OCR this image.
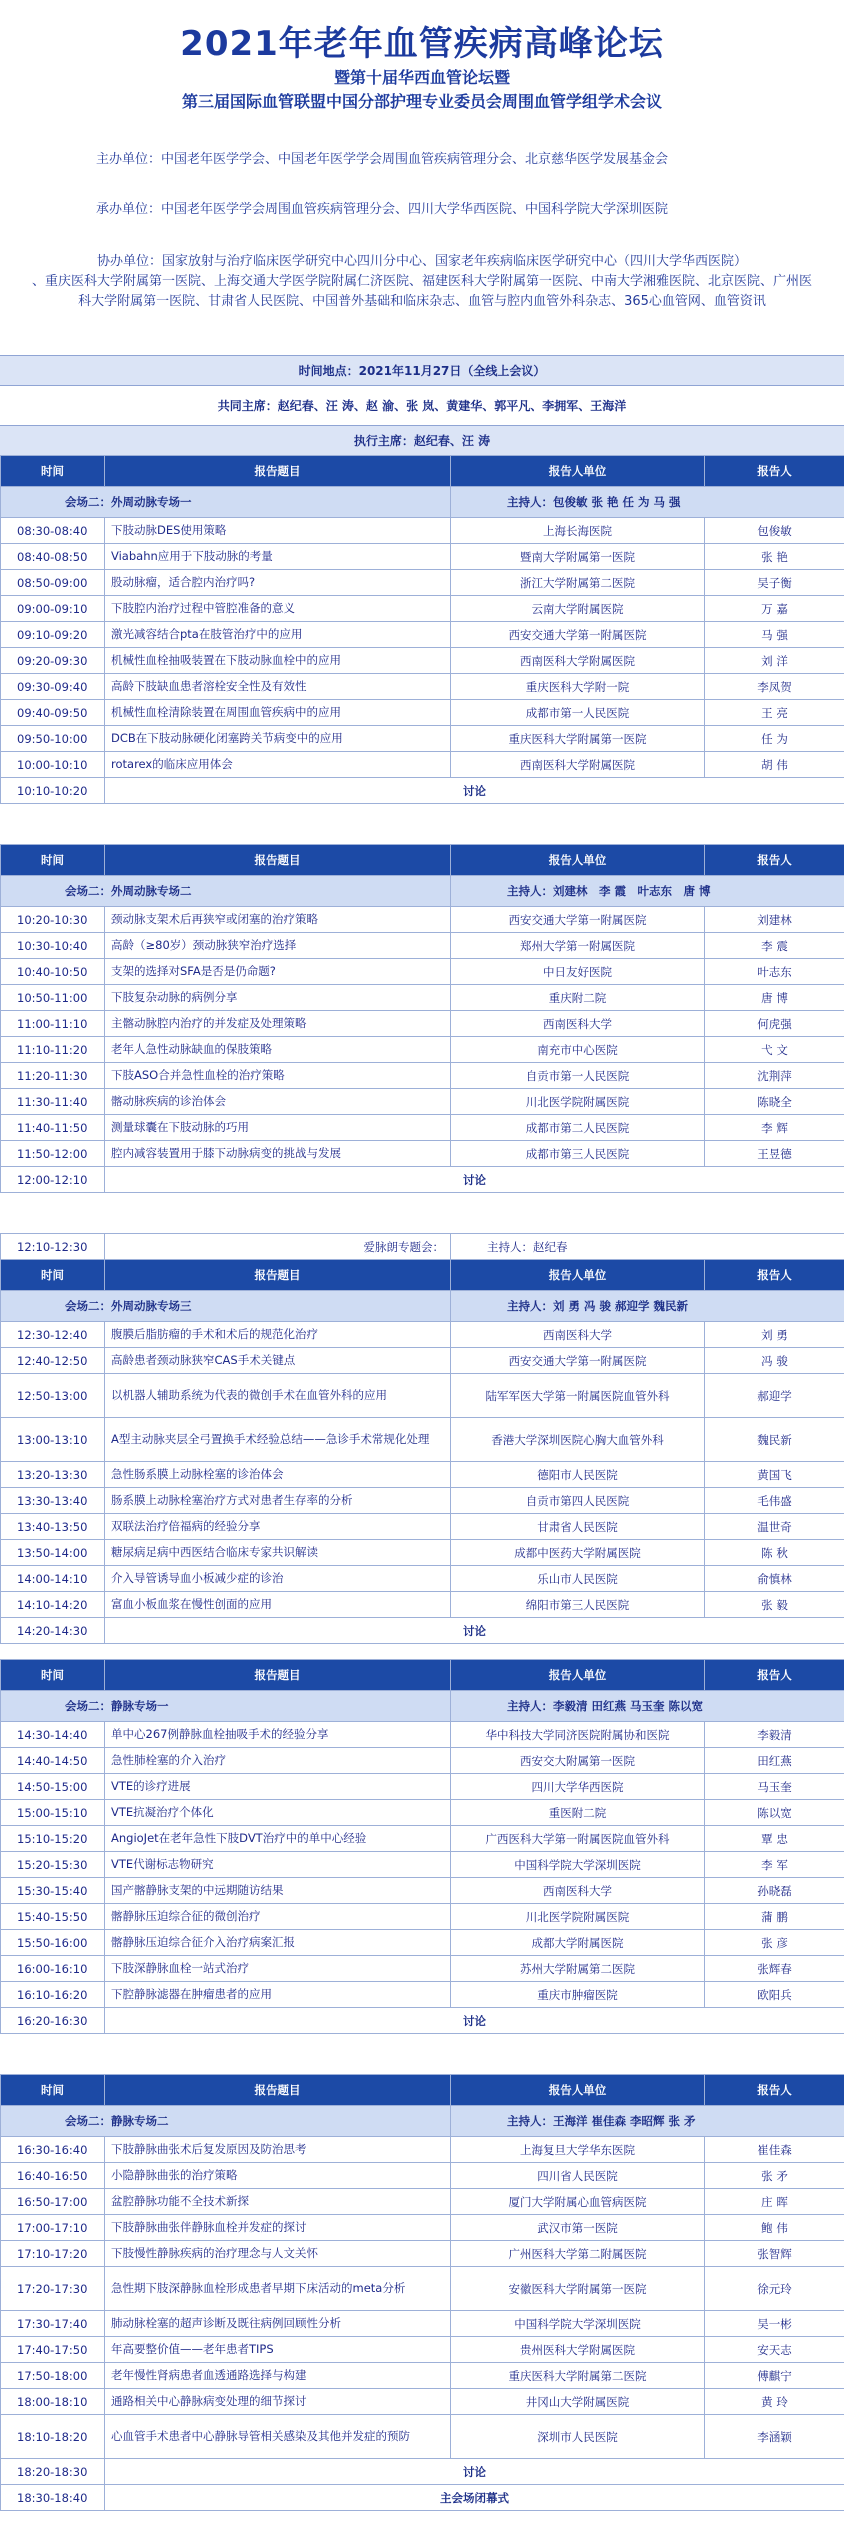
2021年老年血管疾病高峰论坛
暨第十届华西血管论坛暨
第三届国际血管联盟中国分部护理专业委员会周围血管学组学术会议
主办单位：中国老年医学学会、中国老年医学学会周围血管疾病管理分会、北京慈华医学发展基金会
承办单位：中国老年医学学会周围血管疾病管理分会、四川大学华西医院、中国科学院大学深圳医院
协办单位：国家放射与治疗临床医学研究中心四川分中心、国家老年疾病临床医学研究中心（四川大学华西医院）
、重庆医科大学附属第一医院、上海交通大学医学院附属仁济医院、福建医科大学附属第一医院、中南大学湘雅医院、北京医院、广州医科大学附属第一医院、甘肃省人民医院、中国普外基础和临床杂志、血管与腔内血管外科杂志、365心血管网、血管资讯
时间地点：2021年11月27日（全线上会议）
共同主席：赵纪春、汪 涛、赵 渝、张 岚、黄建华、郭平凡、李拥军、王海洋
执行主席：赵纪春、汪 涛
时间	报告题目	报告人单位	报告人
会场二：外周动脉专场一		主持人：包俊敏 张 艳 任 为 马 强	
08:30-08:40	下肢动脉DES使用策略	上海长海医院	包俊敏
08:40-08:50	Viabahn应用于下肢动脉的考量	暨南大学附属第一医院	张 艳
08:50-09:00	股动脉瘤，适合腔内治疗吗?	浙江大学附属第二医院	吴子衡
09:00-09:10	下肢腔内治疗过程中管腔准备的意义	云南大学附属医院	万 嘉
09:10-09:20	激光减容结合pta在肢管治疗中的应用	西安交通大学第一附属医院	马 强
09:20-09:30	机械性血栓抽吸装置在下肢动脉血栓中的应用	西南医科大学附属医院	刘 洋
09:30-09:40	高龄下肢缺血患者溶栓安全性及有效性	重庆医科大学附一院	李凤贺
09:40-09:50	机械性血栓清除装置在周围血管疾病中的应用	成都市第一人民医院	王 亮
09:50-10:00	DCB在下肢动脉硬化闭塞跨关节病变中的应用	重庆医科大学附属第一医院	任 为
10:00-10:10	rotarex的临床应用体会	西南医科大学附属医院	胡 伟
10:10-10:20	讨论		
时间	报告题目	报告人单位	报告人
会场二：外周动脉专场二		主持人：刘建林　李 霞　叶志东　唐 博	
10:20-10:30	颈动脉支架术后再狭窄或闭塞的治疗策略	西安交通大学第一附属医院	刘建林
10:30-10:40	高龄（≥80岁）颈动脉狭窄治疗选择	郑州大学第一附属医院	李 震
10:40-10:50	支架的选择对SFA是否是仍命题?	中日友好医院	叶志东
10:50-11:00	下肢复杂动脉的病例分享	重庆附二院	唐 博
11:00-11:10	主髂动脉腔内治疗的并发症及处理策略	西南医科大学	何虎强
11:10-11:20	老年人急性动脉缺血的保肢策略	南充市中心医院	弋 文
11:20-11:30	下肢ASO合并急性血栓的治疗策略	自贡市第一人民医院	沈荆萍
11:30-11:40	髂动脉疾病的诊治体会	川北医学院附属医院	陈晓全
11:40-11:50	测量球囊在下肢动脉的巧用	成都市第二人民医院	李 辉
11:50-12:00	腔内减容装置用于膝下动脉病变的挑战与发展	成都市第三人民医院	王昱德
12:00-12:10	讨论		
12:10-12:30	爱脉朗专题会：	主持人：赵纪春	
时间	报告题目	报告人单位	报告人
会场二：外周动脉专场三		主持人：刘 勇 冯 骏 郝迎学 魏民新	
12:30-12:40	腹膜后脂肪瘤的手术和术后的规范化治疗	西南医科大学	刘 勇
12:40-12:50	高龄患者颈动脉狭窄CAS手术关键点	西安交通大学第一附属医院	冯 骏
12:50-13:00	以机器人辅助系统为代表的微创手术在血管外科的应用	陆军军医大学第一附属医院血管外科	郝迎学
13:00-13:10	A型主动脉夹层全弓置换手术经验总结——急诊手术常规化处理	香港大学深圳医院心胸大血管外科	魏民新
13:20-13:30	急性肠系膜上动脉栓塞的诊治体会	德阳市人民医院	黄国飞
13:30-13:40	肠系膜上动脉栓塞治疗方式对患者生存率的分析	自贡市第四人民医院	毛伟盛
13:40-13:50	双联法治疗倍福病的经验分享	甘肃省人民医院	温世奇
13:50-14:00	糖尿病足病中西医结合临床专家共识解读	成都中医药大学附属医院	陈 秋
14:00-14:10	介入导管诱导血小板减少症的诊治	乐山市人民医院	俞慎林
14:10-14:20	富血小板血浆在慢性创面的应用	绵阳市第三人民医院	张 毅
14:20-14:30	讨论		
时间	报告题目	报告人单位	报告人
会场二：静脉专场一		主持人：李毅清 田红燕 马玉奎 陈以宽	
14:30-14:40	单中心267例静脉血栓抽吸手术的经验分享	华中科技大学同济医院附属协和医院	李毅清
14:40-14:50	急性肺栓塞的介入治疗	西安交大附属第一医院	田红燕
14:50-15:00	VTE的诊疗进展	四川大学华西医院	马玉奎
15:00-15:10	VTE抗凝治疗个体化	重医附二院	陈以宽
15:10-15:20	AngioJet在老年急性下肢DVT治疗中的单中心经验	广西医科大学第一附属医院血管外科	覃 忠
15:20-15:30	VTE代谢标志物研究	中国科学院大学深圳医院	李 军
15:30-15:40	国产髂静脉支架的中远期随访结果	西南医科大学	孙晓磊
15:40-15:50	髂静脉压迫综合征的微创治疗	川北医学院附属医院	蒲 鹏
15:50-16:00	髂静脉压迫综合征介入治疗病案汇报	成都大学附属医院	张 彦
16:00-16:10	下肢深静脉血栓一站式治疗	苏州大学附属第二医院	张辉春
16:10-16:20	下腔静脉滤器在肿瘤患者的应用	重庆市肿瘤医院	欧阳兵
16:20-16:30	讨论		
时间	报告题目	报告人单位	报告人
会场二：静脉专场二		主持人：王海洋 崔佳森 李昭辉 张 矛	
16:30-16:40	下肢静脉曲张术后复发原因及防治思考	上海复旦大学华东医院	崔佳森
16:40-16:50	小隐静脉曲张的治疗策略	四川省人民医院	张 矛
16:50-17:00	盆腔静脉功能不全技术新探	厦门大学附属心血管病医院	庄 晖
17:00-17:10	下肢静脉曲张伴静脉血栓并发症的探讨	武汉市第一医院	鲍 伟
17:10-17:20	下肢慢性静脉疾病的治疗理念与人文关怀	广州医科大学第二附属医院	张智辉
17:20-17:30	急性期下肢深静脉血栓形成患者早期下床活动的meta分析	安徽医科大学附属第一医院	徐元玲
17:30-17:40	肺动脉栓塞的超声诊断及既往病例回顾性分析	中国科学院大学深圳医院	吴一彬
17:40-17:50	年高要整价值——老年患者TIPS	贵州医科大学附属医院	安天志
17:50-18:00	老年慢性肾病患者血透通路选择与构建	重庆医科大学附属第二医院	傅麒宁
18:00-18:10	通路相关中心静脉病变处理的细节探讨	井冈山大学附属医院	黄 玲
18:10-18:20	心血管手术患者中心静脉导管相关感染及其他并发症的预防	深圳市人民医院	李涵颖
18:20-18:30	讨论		
18:30-18:40	主会场闭幕式		
